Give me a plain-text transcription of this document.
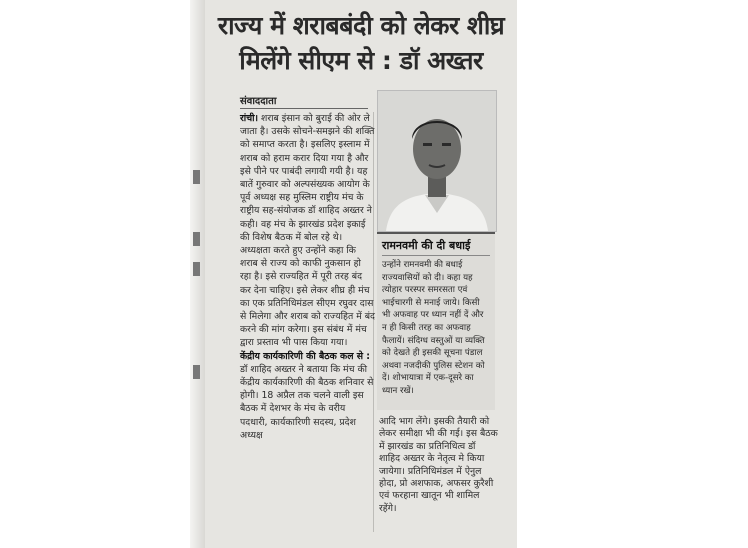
राज्य में शराबबंदी को लेकर शीघ्र
मिलेंगे सीएम से : डॉ अख्तर
संवाददाता

रांची। शराब इंसान को बुराई की ओर ले जाता है। उसके सोचने-समझने की शक्ति को समाप्त करता है। इसलिए इस्लाम में शराब को हराम करार दिया गया है और इसे पीने पर पाबंदी लगायी गयी है। यह बातें गुरुवार को अल्पसंख्यक आयोग के पूर्व अध्यक्ष सह मुस्लिम राष्ट्रीय मंच के राष्ट्रीय सह-संयोजक डॉ शाहिद अख्तर ने कही। वह मंच के झारखंड प्रदेश इकाई की विशेष बैठक में बोल रहे थे। अध्यक्षता करते हुए उन्होंने कहा कि शराब से राज्य को काफी नुकसान हो रहा है। इसे राज्यहित में पूरी तरह बंद कर देना चाहिए। इसे लेकर शीघ्र ही मंच का एक प्रतिनिधिमंडल सीएम रघुवर दास से मिलेगा और शराब को राज्यहित में बंद करने की मांग करेगा। इस संबंध में मंच द्वारा प्रस्ताव भी पास किया गया।

केंद्रीय कार्यकारिणी की बैठक कल से : डॉ शाहिद अख्तर ने बताया कि मंच की केंद्रीय कार्यकारिणी की बैठक शनिवार से होगी। 18 अप्रैल तक चलने वाली इस बैठक में देशभर के मंच के वरीय पदधारी, कार्यकारिणी सदस्य, प्रदेश अध्यक्ष

रामनवमी की दी बधाई
उन्होंने रामनवमी की बधाई राज्यवासियों को दी। कहा यह त्योहार परस्पर समरसता एवं भाईचारगी से मनाई जाये। किसी भी अफवाह पर ध्यान नहीं दें और न ही किसी तरह का अफवाह फैलायें। संदिग्ध वस्तुओं या व्यक्ति को देखते ही इसकी सूचना पंडाल अथवा नजदीकी पुलिस स्टेशन को दें। शोभायात्रा में एक-दूसरे का ध्यान रखें।

आदि भाग लेंगे। इसकी तैयारी को लेकर समीक्षा भी की गई। इस बैठक में झारखंड का प्रतिनिधित्व डॉ शाहिद अख्तर के नेतृत्व मे किया जायेगा। प्रतिनिधिमंडल में ऐनुल होदा, प्रो अशफाक, अफसर कुरैशी एवं फरहाना खातून भी शामिल रहेंगे।
